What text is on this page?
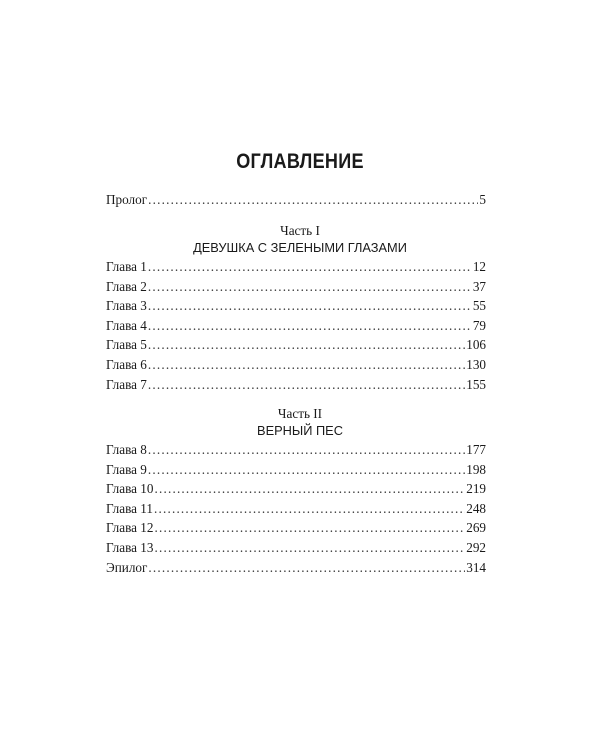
ОГЛАВЛЕНИЕ
Пролог . . .	5
Часть I
ДЕВУШКА С ЗЕЛЕНЫМИ ГЛАЗАМИ
Глава 1 . . .	12
Глава 2 . . .	37
Глава 3 . . .	55
Глава 4 . . .	79
Глава 5 . . .	106
Глава 6 . . .	130
Глава 7 . . .	155
Часть II
ВЕРНЫЙ ПЕС
Глава 8 . . .	177
Глава 9 . . .	198
Глава 10 . . .	219
Глава 11 . . .	248
Глава 12 . . .	269
Глава 13 . . .	292
Эпилог . . .	314
